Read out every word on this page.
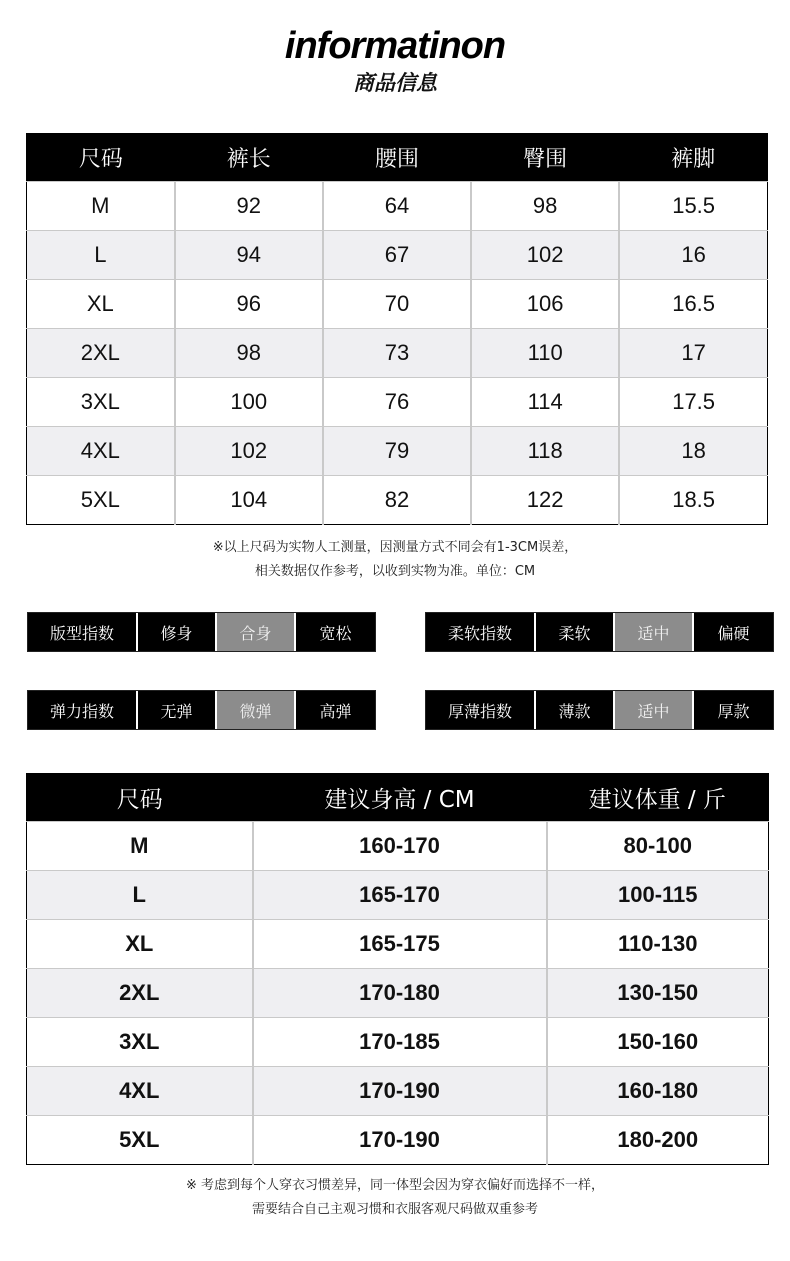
informatinon
商品信息
尺码	裤长	腰围	臀围	裤脚
M	92	64	98	15.5
L	94	67	102	16
XL	96	70	106	16.5
2XL	98	73	110	17
3XL	100	76	114	17.5
4XL	102	79	118	18
5XL	104	82	122	18.5
※以上尺码为实物人工测量，因测量方式不同会有1-3CM误差，
相关数据仅作参考，以收到实物为准。单位：CM
版型指数	修身	合身	宽松	柔软指数	柔软	适中	偏硬
弹力指数	无弹	微弹	高弹	厚薄指数	薄款	适中	厚款
尺码	建议身高 / CM	建议体重 / 斤
M	160-170	80-100
L	165-170	100-115
XL	165-175	110-130
2XL	170-180	130-150
3XL	170-185	150-160
4XL	170-190	160-180
5XL	170-190	180-200
※ 考虑到每个人穿衣习惯差异，同一体型会因为穿衣偏好而选择不一样，
需要结合自己主观习惯和衣服客观尺码做双重参考
